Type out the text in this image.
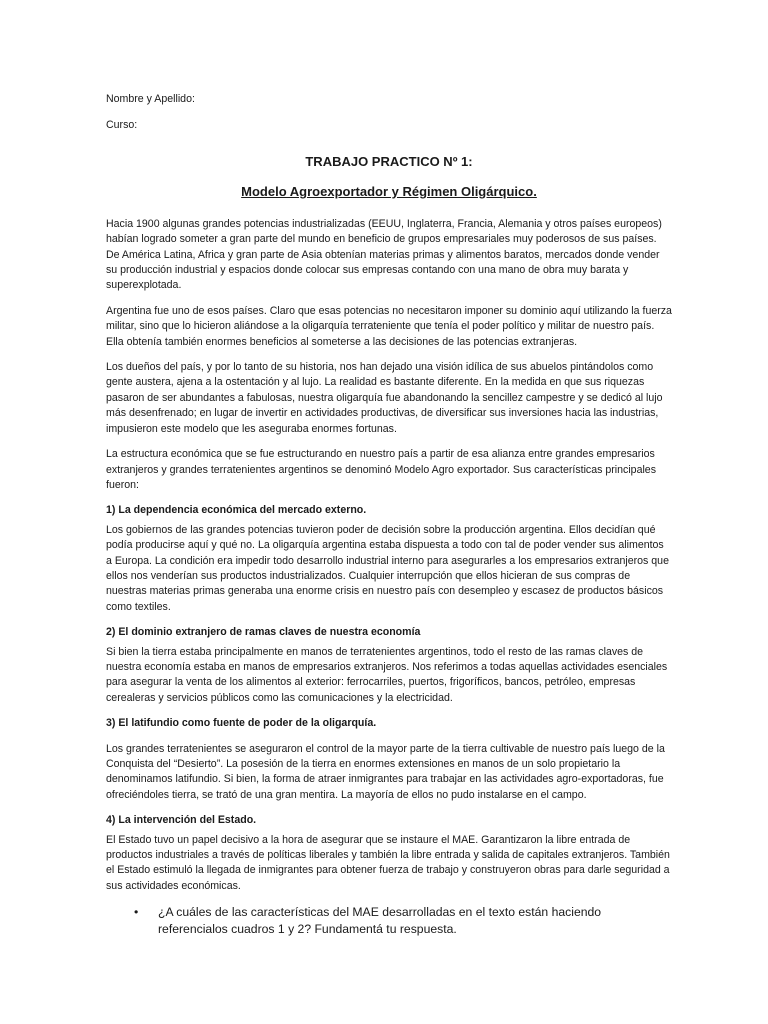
Nombre y Apellido:
Curso:
TRABAJO PRACTICO Nº 1:
Modelo Agroexportador y Régimen Oligárquico.

Hacia 1900 algunas grandes potencias industrializadas (EEUU, Inglaterra, Francia, Alemania y otros países europeos) habían logrado someter a gran parte del mundo en beneficio de grupos empresariales muy poderosos de sus países. De América Latina, Africa y gran parte de Asia obtenían materias primas y alimentos baratos, mercados donde vender su producción industrial y espacios donde colocar sus empresas contando con una mano de obra muy barata y superexplotada.

Argentina fue uno de esos países. Claro que esas potencias no necesitaron imponer su dominio aquí utilizando la fuerza militar, sino que lo hicieron aliándose a la oligarquía terrateniente que tenía el poder político y militar de nuestro país. Ella obtenía también enormes beneficios al someterse a las decisiones de las potencias extranjeras.

Los dueños del país, y por lo tanto de su historia, nos han dejado una visión idílica de sus abuelos pintándolos como gente austera, ajena a la ostentación y al lujo. La realidad es bastante diferente. En la medida en que sus riquezas pasaron de ser abundantes a fabulosas, nuestra oligarquía fue abandonando la sencillez campestre y se dedicó al lujo más desenfrenado; en lugar de invertir en actividades productivas, de diversificar sus inversiones hacia las industrias, impusieron este modelo que les aseguraba enormes fortunas.

La estructura económica que se fue estructurando en nuestro país a partir de esa alianza entre grandes empresarios extranjeros y grandes terratenientes argentinos se denominó Modelo Agro exportador. Sus características principales fueron:

1) La dependencia económica del mercado externo.

Los gobiernos de las grandes potencias tuvieron poder de decisión sobre la producción argentina. Ellos decidían qué podía producirse aquí y qué no. La oligarquía argentina estaba dispuesta a todo con tal de poder vender sus alimentos a Europa. La condición era impedir todo desarrollo industrial interno para asegurarles a los empresarios extranjeros que ellos nos venderían sus productos industrializados. Cualquier interrupción que ellos hicieran de sus compras de nuestras materias primas generaba una enorme crisis en nuestro país con desempleo y escasez de productos básicos como textiles.

2) El dominio extranjero de ramas claves de nuestra economía

Si bien la tierra estaba principalmente en manos de terratenientes argentinos, todo el resto de las ramas claves de nuestra economía estaba en manos de empresarios extranjeros. Nos referimos a todas aquellas actividades esenciales para asegurar la venta de los alimentos al exterior: ferrocarriles, puertos, frigoríficos, bancos, petróleo, empresas cerealeras y servicios públicos como las comunicaciones y la electricidad.

3) El latifundio como fuente de poder de la oligarquía.

Los grandes terratenientes se aseguraron el control de la mayor parte de la tierra cultivable de nuestro país luego de la Conquista del “Desierto”. La posesión de la tierra en enormes extensiones en manos de un solo propietario la denominamos latifundio. Si bien, la forma de atraer inmigrantes para trabajar en las actividades agro-exportadoras, fue ofreciéndoles tierra, se trató de una gran mentira. La mayoría de ellos no pudo instalarse en el campo.

4) La intervención del Estado.

El Estado tuvo un papel decisivo a la hora de asegurar que se instaure el MAE. Garantizaron la libre entrada de productos industriales a través de políticas liberales y también la libre entrada y salida de capitales extranjeros. También el Estado estimuló la llegada de inmigrantes para obtener fuerza de trabajo y construyeron obras para darle seguridad a sus actividades económicas.

•	¿A cuáles de las características del MAE desarrolladas en el texto están haciendo referencialos cuadros 1 y 2? Fundamentá tu respuesta.
